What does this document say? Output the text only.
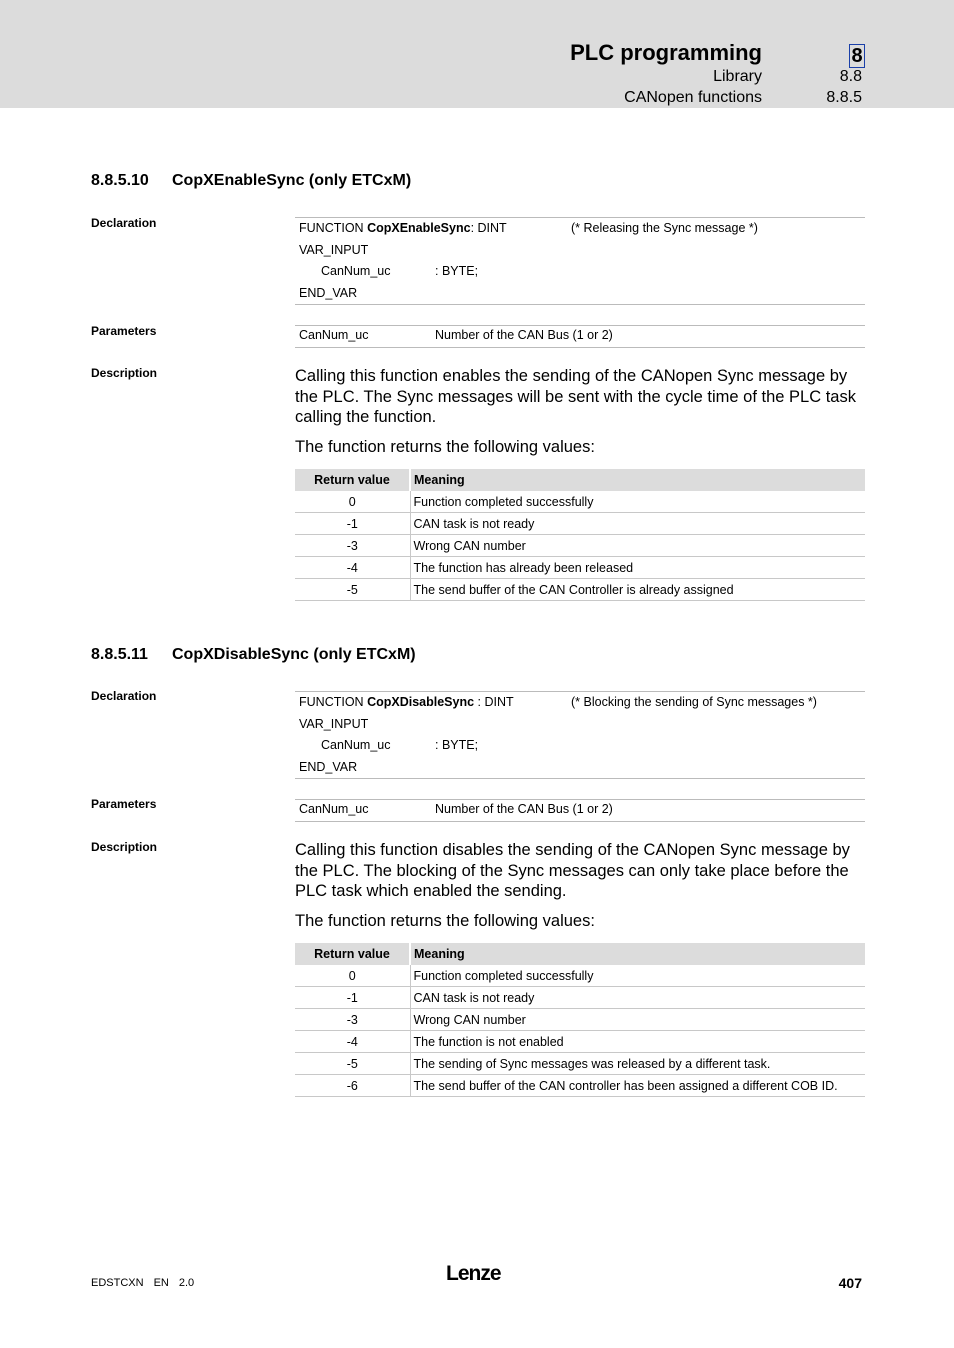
PLC programming	8
Library	8.8
CANopen functions	8.8.5
8.8.5.10 CopXEnableSync (only ETCxM)
Declaration	FUNCTION CopXEnableSync: DINT	(* Releasing the Sync message *)
VAR_INPUT
CanNum_uc	: BYTE;
END_VAR
Parameters	CanNum_uc	Number of the CAN Bus (1 or 2)
Description	Calling this function enables the sending of the CANopen Sync message by the PLC. The Sync messages will be sent with the cycle time of the PLC task calling the function.

The function returns the following values:

Return value	Meaning
0	Function completed successfully
-1	CAN task is not ready
-3	Wrong CAN number
-4	The function has already been released
-5	The send buffer of the CAN Controller is already assigned
8.8.5.11 CopXDisableSync (only ETCxM)
Declaration	FUNCTION CopXDisableSync : DINT	(* Blocking the sending of Sync messages *)
VAR_INPUT
CanNum_uc	: BYTE;
END_VAR
Parameters	CanNum_uc	Number of the CAN Bus (1 or 2)
Description	Calling this function disables the sending of the CANopen Sync message by the PLC. The blocking of the Sync messages can only take place before the PLC task which enabled the sending.

The function returns the following values:

Return value	Meaning
0	Function completed successfully
-1	CAN task is not ready
-3	Wrong CAN number
-4	The function is not enabled
-5	The sending of Sync messages was released by a different task.
-6	The send buffer of the CAN controller has been assigned a different COB ID.
EDSTCXN EN 2.0	Lenze	407
